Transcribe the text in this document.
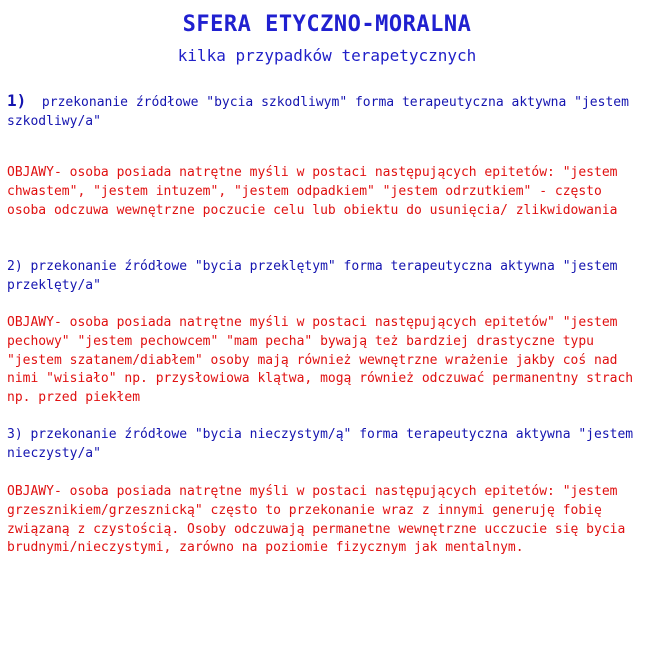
SFERA ETYCZNO-MORALNA
kilka przypadków terapetycznych
1)  przekonanie źródłowe "bycia szkodliwym" forma terapeutyczna aktywna "jestem szkodliwy/a"
OBJAWY- osoba posiada natrętne myśli w postaci następujących epitetów: "jestem chwastem", "jestem intuzem", "jestem odpadkiem" "jestem odrzutkiem" - często osoba odczuwa wewnętrzne poczucie celu lub obiektu do usunięcia/ zlikwidowania
2) przekonanie źródłowe "bycia przeklętym" forma terapeutyczna aktywna "jestem przeklęty/a"
OBJAWY- osoba posiada natrętne myśli w postaci następujących epitetów" "jestem pechowy" "jestem pechowcem" "mam pecha" bywają też bardziej drastyczne typu "jestem szatanem/diabłem" osoby mają również wewnętrzne wrażenie jakby coś nad nimi "wisiało" np. przysłowiowa klątwa, mogą również odczuwać permanentny strach np. przed piekłem
3) przekonanie źródłowe "bycia nieczystym/ą" forma terapeutyczna aktywna "jestem nieczysty/a"
OBJAWY- osoba posiada natrętne myśli w postaci następujących epitetów: "jestem grzesznikiem/grzesznicką" często to przekonanie wraz z innymi generuję fobię związaną z czystością. Osoby odczuwają permanetne wewnętrzne ucczucie się bycia brudnymi/nieczystymi, zarówno na poziomie fizycznym jak mentalnym.
